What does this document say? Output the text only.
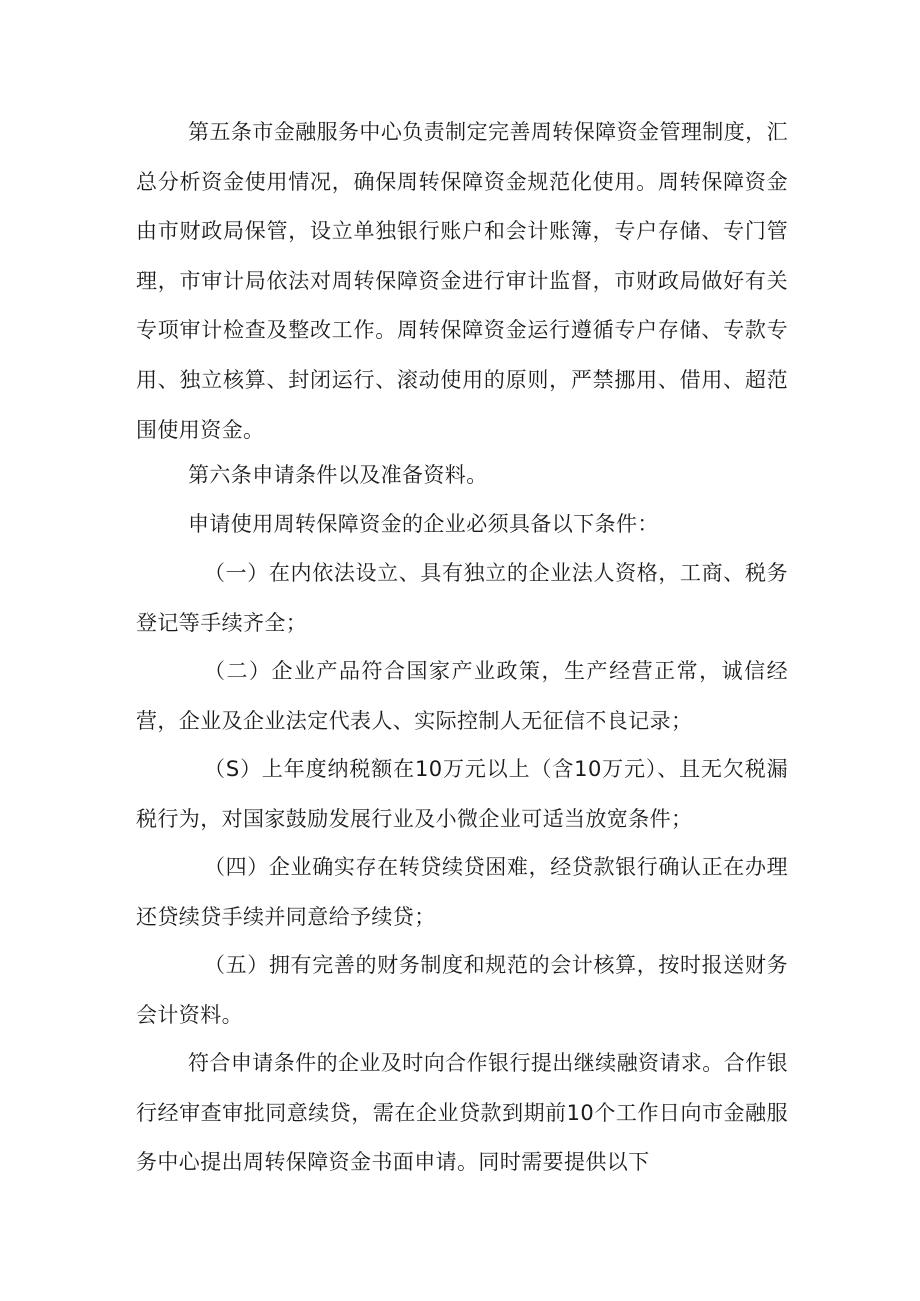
第五条市金融服务中心负责制定完善周转保障资金管理制度，汇总分析资金使用情况，确保周转保障资金规范化使用。周转保障资金由市财政局保管，设立单独银行账户和会计账簿，专户存储、专门管理，市审计局依法对周转保障资金进行审计监督，市财政局做好有关专项审计检查及整改工作。周转保障资金运行遵循专户存储、专款专用、独立核算、封闭运行、滚动使用的原则，严禁挪用、借用、超范围使用资金。

第六条申请条件以及准备资料。

申请使用周转保障资金的企业必须具备以下条件：

（一）在内依法设立、具有独立的企业法人资格，工商、税务登记等手续齐全；

（二）企业产品符合国家产业政策，生产经营正常，诚信经营，企业及企业法定代表人、实际控制人无征信不良记录；

（S）上年度纳税额在10万元以上（含10万元）、且无欠税漏税行为，对国家鼓励发展行业及小微企业可适当放宽条件；

（四）企业确实存在转贷续贷困难，经贷款银行确认正在办理还贷续贷手续并同意给予续贷；

（五）拥有完善的财务制度和规范的会计核算，按时报送财务会计资料。

符合申请条件的企业及时向合作银行提出继续融资请求。合作银行经审查审批同意续贷，需在企业贷款到期前10个工作日向市金融服务中心提出周转保障资金书面申请。同时需要提供以下
